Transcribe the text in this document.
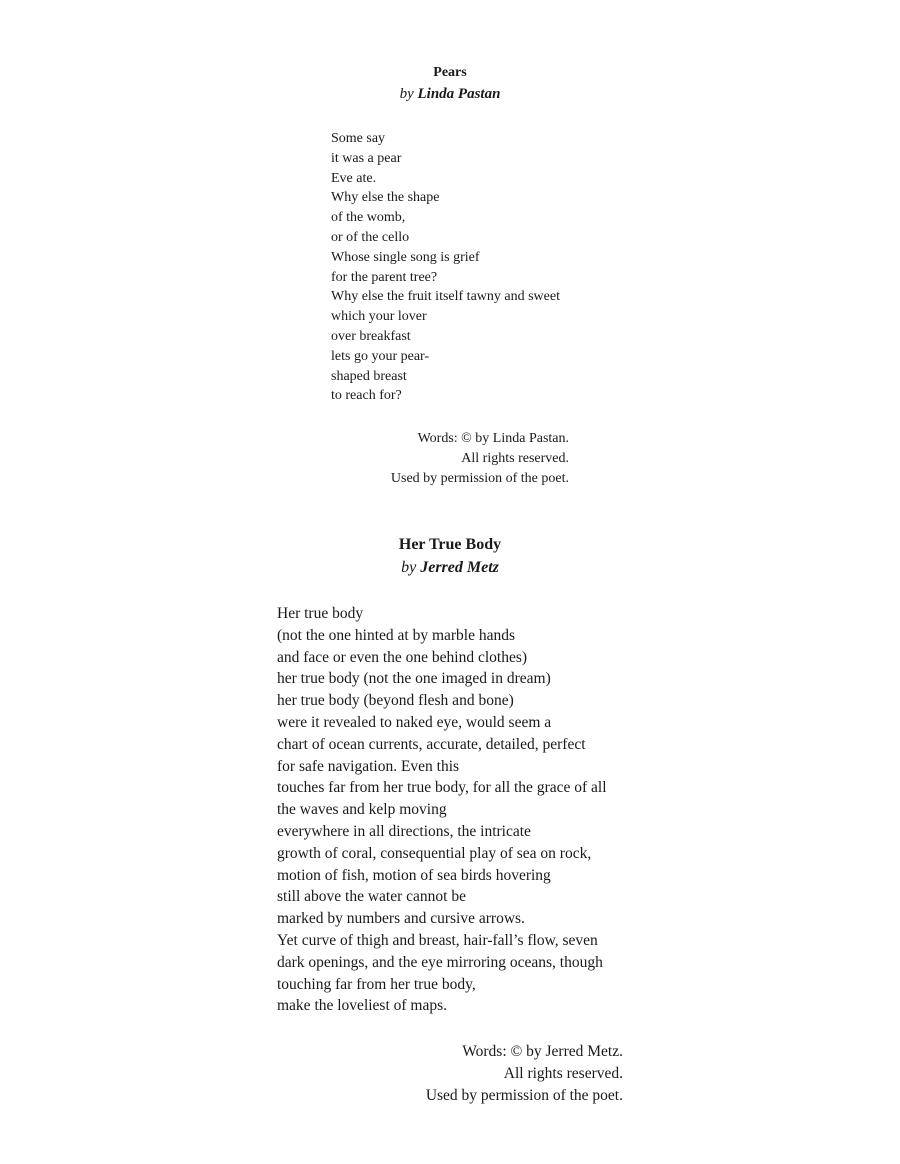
Pears
by Linda Pastan
Some say
it was a pear
Eve ate.
Why else the shape
of the womb,
or of the cello
Whose single song is grief
for the parent tree?
Why else the fruit itself tawny and sweet
which your lover
over breakfast
lets go your pear-
shaped breast
to reach for?
Words: © by Linda Pastan.
All rights reserved.
Used by permission of the poet.
Her True Body
by Jerred Metz
Her true body
(not the one hinted at by marble hands
and face or even the one behind clothes)
her true body (not the one imaged in dream)
her true body (beyond flesh and bone)
were it revealed to naked eye, would seem a
chart of ocean currents, accurate, detailed, perfect
for safe navigation. Even this
touches far from her true body, for all the grace of all
the waves and kelp moving
everywhere in all directions, the intricate
growth of coral, consequential play of sea on rock,
motion of fish, motion of sea birds hovering
still above the water cannot be
marked by numbers and cursive arrows.
Yet curve of thigh and breast, hair-fall’s flow, seven
dark openings, and the eye mirroring oceans, though
touching far from her true body,
make the loveliest of maps.
Words: © by Jerred Metz.
All rights reserved.
Used by permission of the poet.
